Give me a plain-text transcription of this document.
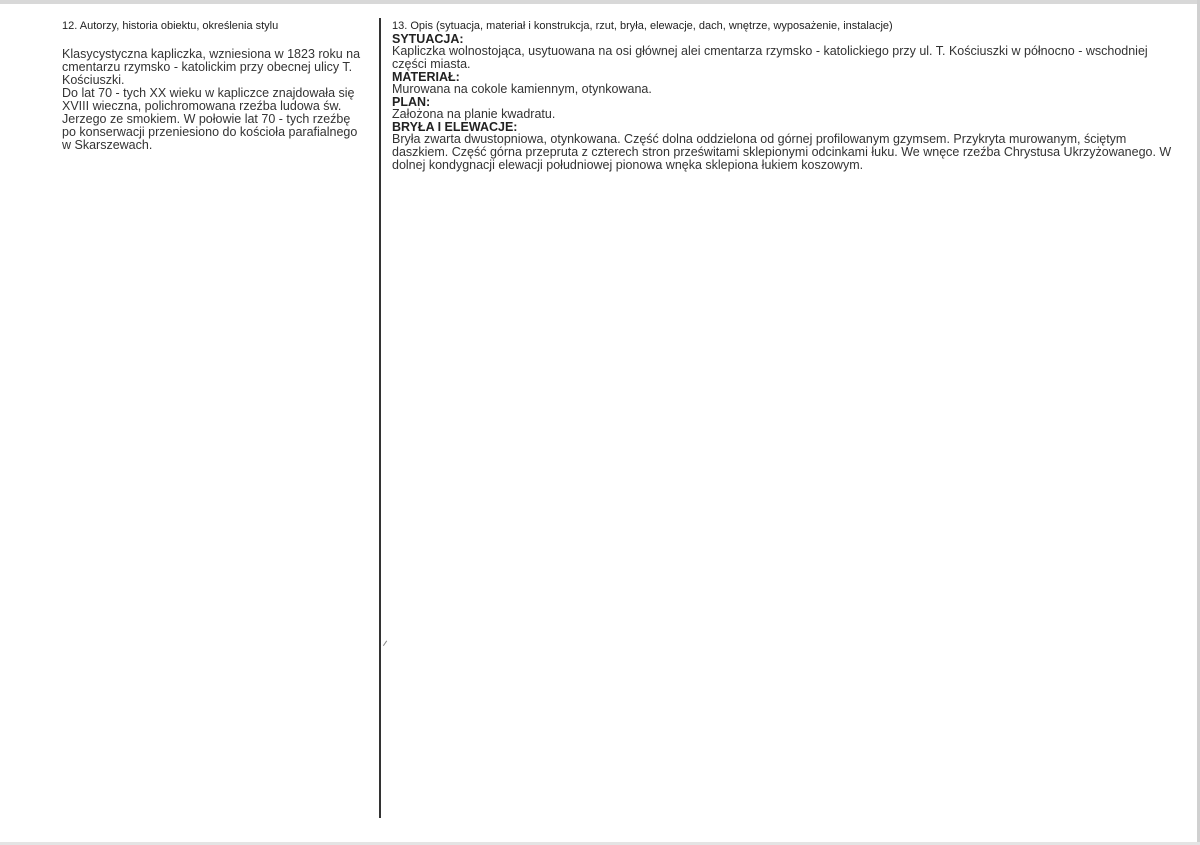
12. Autorzy, historia obiektu, określenia stylu

Klasycystyczna kapliczka, wzniesiona w 1823 roku na cmentarzu rzymsko - katolickim przy obecnej ulicy T. Kościuszki.

Do lat 70 - tych XX wieku w kapliczce znajdowała się XVIII wieczna, polichromowana rzeźba ludowa św. Jerzego ze smokiem. W połowie lat 70 - tych rzeźbę po konserwacji przeniesiono do kościoła parafialnego w Skarszewach.

13. Opis (sytuacja, materiał i konstrukcja, rzut, bryła, elewacje, dach, wnętrze, wyposażenie, instalacje)

SYTUACJA:

Kapliczka wolnostojąca, usytuowana na osi głównej alei cmentarza rzymsko - katolickiego przy ul. T. Kościuszki w północno - wschodniej części miasta.

MATERIAŁ:

Murowana na cokole kamiennym, otynkowana.

PLAN:

Założona na planie kwadratu.

BRYŁA I ELEWACJE:

Bryła zwarta dwustopniowa, otynkowana. Część dolna oddzielona od górnej profilowanym gzymsem. Przykryta murowanym, ściętym daszkiem. Część górna przepruta z czterech stron prześwitami sklepionymi odcinkami łuku. We wnęce rzeźba Chrystusa Ukrzyżowanego. W dolnej kondygnacji elewacji południowej pionowa wnęka sklepiona łukiem koszowym.
